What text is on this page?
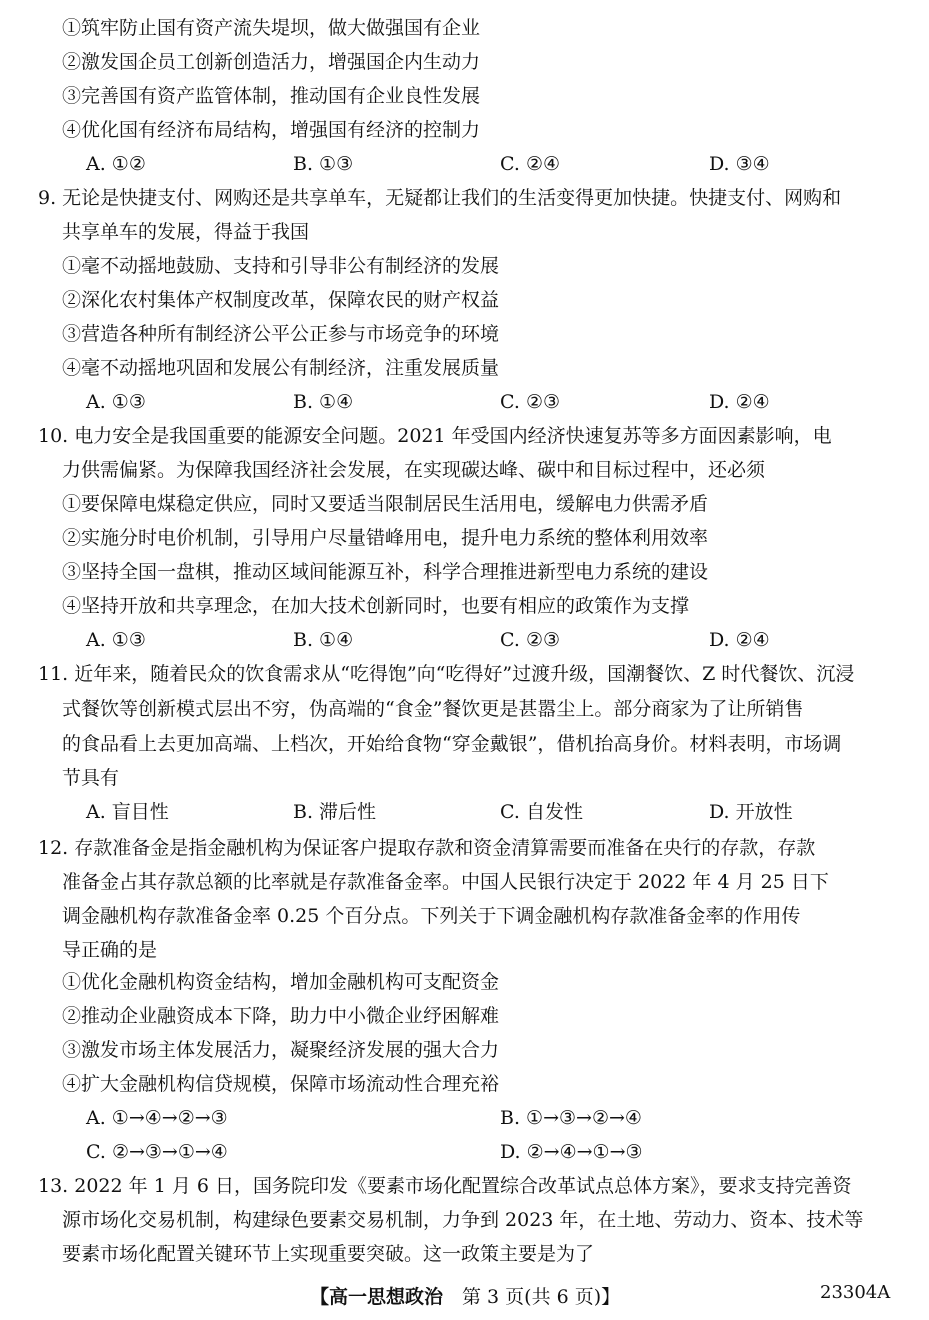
①筑牢防止国有资产流失堤坝，做大做强国有企业
②激发国企员工创新创造活力，增强国企内生动力
③完善国有资产监管体制，推动国有企业良性发展
④优化国有经济布局结构，增强国有经济的控制力
A. ①②	B. ①③	C. ②④	D. ③④
9. 无论是快捷支付、网购还是共享单车，无疑都让我们的生活变得更加快捷。快捷支付、网购和
共享单车的发展，得益于我国
①毫不动摇地鼓励、支持和引导非公有制经济的发展
②深化农村集体产权制度改革，保障农民的财产权益
③营造各种所有制经济公平公正参与市场竞争的环境
④毫不动摇地巩固和发展公有制经济，注重发展质量
A. ①③	B. ①④	C. ②③	D. ②④
10. 电力安全是我国重要的能源安全问题。2021 年受国内经济快速复苏等多方面因素影响，电
力供需偏紧。为保障我国经济社会发展，在实现碳达峰、碳中和目标过程中，还必须
①要保障电煤稳定供应，同时又要适当限制居民生活用电，缓解电力供需矛盾
②实施分时电价机制，引导用户尽量错峰用电，提升电力系统的整体利用效率
③坚持全国一盘棋，推动区域间能源互补，科学合理推进新型电力系统的建设
④坚持开放和共享理念，在加大技术创新同时，也要有相应的政策作为支撑
A. ①③	B. ①④	C. ②③	D. ②④
11. 近年来，随着民众的饮食需求从“吃得饱”向“吃得好”过渡升级，国潮餐饮、Z 时代餐饮、沉浸
式餐饮等创新模式层出不穷，伪高端的“食金”餐饮更是甚嚣尘上。部分商家为了让所销售
的食品看上去更加高端、上档次，开始给食物“穿金戴银”，借机抬高身价。材料表明，市场调
节具有
A. 盲目性	B. 滞后性	C. 自发性	D. 开放性
12. 存款准备金是指金融机构为保证客户提取存款和资金清算需要而准备在央行的存款，存款
准备金占其存款总额的比率就是存款准备金率。中国人民银行决定于 2022 年 4 月 25 日下
调金融机构存款准备金率 0.25 个百分点。下列关于下调金融机构存款准备金率的作用传
导正确的是
①优化金融机构资金结构，增加金融机构可支配资金
②推动企业融资成本下降，助力中小微企业纾困解难
③激发市场主体发展活力，凝聚经济发展的强大合力
④扩大金融机构信贷规模，保障市场流动性合理充裕
A. ①→④→②→③	B. ①→③→②→④
C. ②→③→①→④	D. ②→④→①→③
13. 2022 年 1 月 6 日，国务院印发《要素市场化配置综合改革试点总体方案》，要求支持完善资
源市场化交易机制，构建绿色要素交易机制，力争到 2023 年，在土地、劳动力、资本、技术等
要素市场化配置关键环节上实现重要突破。这一政策主要是为了
【高一思想政治 第 3 页(共 6 页)】	23304A
